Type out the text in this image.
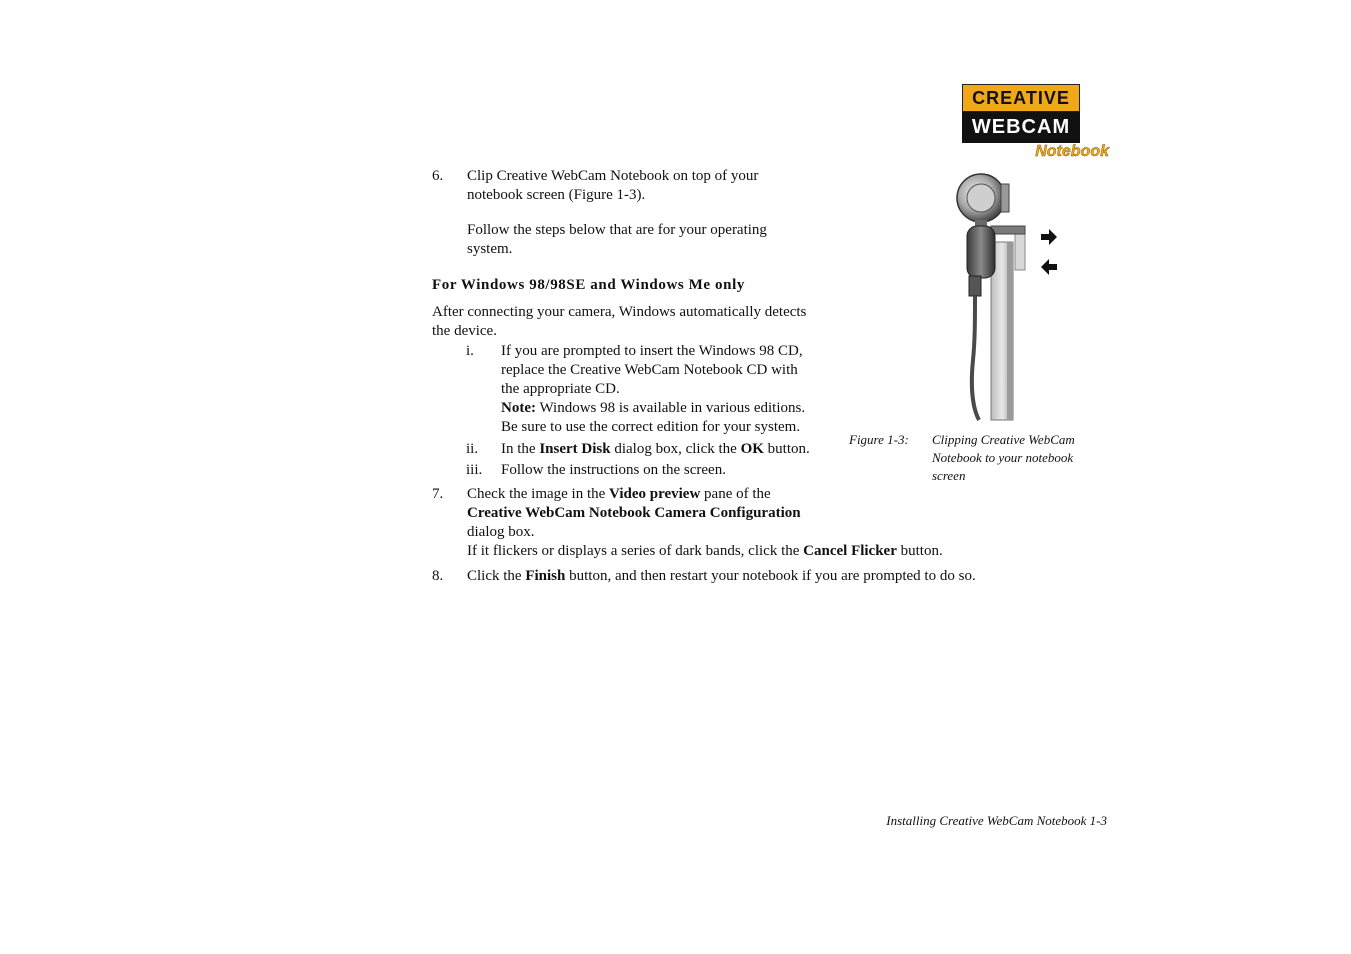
CREATIVE
WEBCAM
Notebook
6. Clip Creative WebCam Notebook on top of your
notebook screen (Figure 1-3).
Follow the steps below that are for your operating
system.
For Windows 98/98SE and Windows Me only
After connecting your camera, Windows automatically detects
the device.
i. If you are prompted to insert the Windows 98 CD,
replace the Creative WebCam Notebook CD with
the appropriate CD.
Note: Windows 98 is available in various editions.
Be sure to use the correct edition for your system.
ii. In the Insert Disk dialog box, click the OK button.
iii. Follow the instructions on the screen.
7. Check the image in the Video preview pane of the
Creative WebCam Notebook Camera Configuration
dialog box.
If it flickers or displays a series of dark bands, click the Cancel Flicker button.
8. Click the Finish button, and then restart your notebook if you are prompted to do so.
Figure 1-3: Clipping Creative WebCam
Notebook to your notebook
screen
Installing Creative WebCam Notebook 1-3
